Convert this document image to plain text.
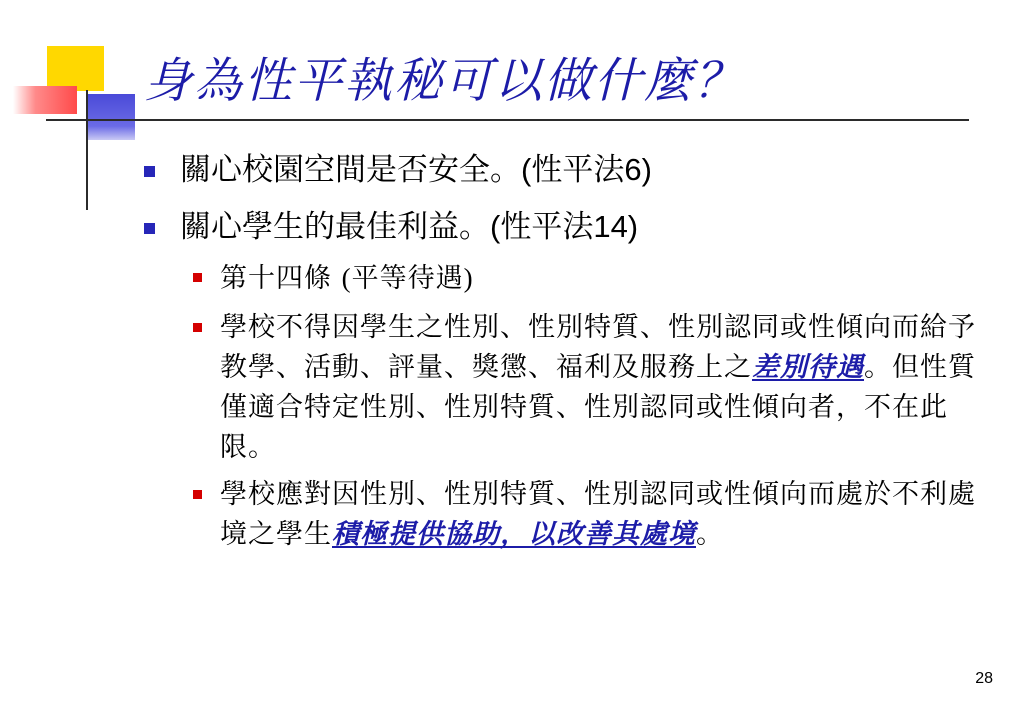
身為性平執秘可以做什麼？
關心校園空間是否安全。(性平法6)
關心學生的最佳利益。(性平法14)
第十四條 (平等待遇)
學校不得因學生之性別、性別特質、性別認同或性傾向而給予教學、活動、評量、獎懲、福利及服務上之差別待遇。但性質僅適合特定性別、性別特質、性別認同或性傾向者，不在此限。
學校應對因性別、性別特質、性別認同或性傾向而處於不利處境之學生積極提供協助，以改善其處境。
28
